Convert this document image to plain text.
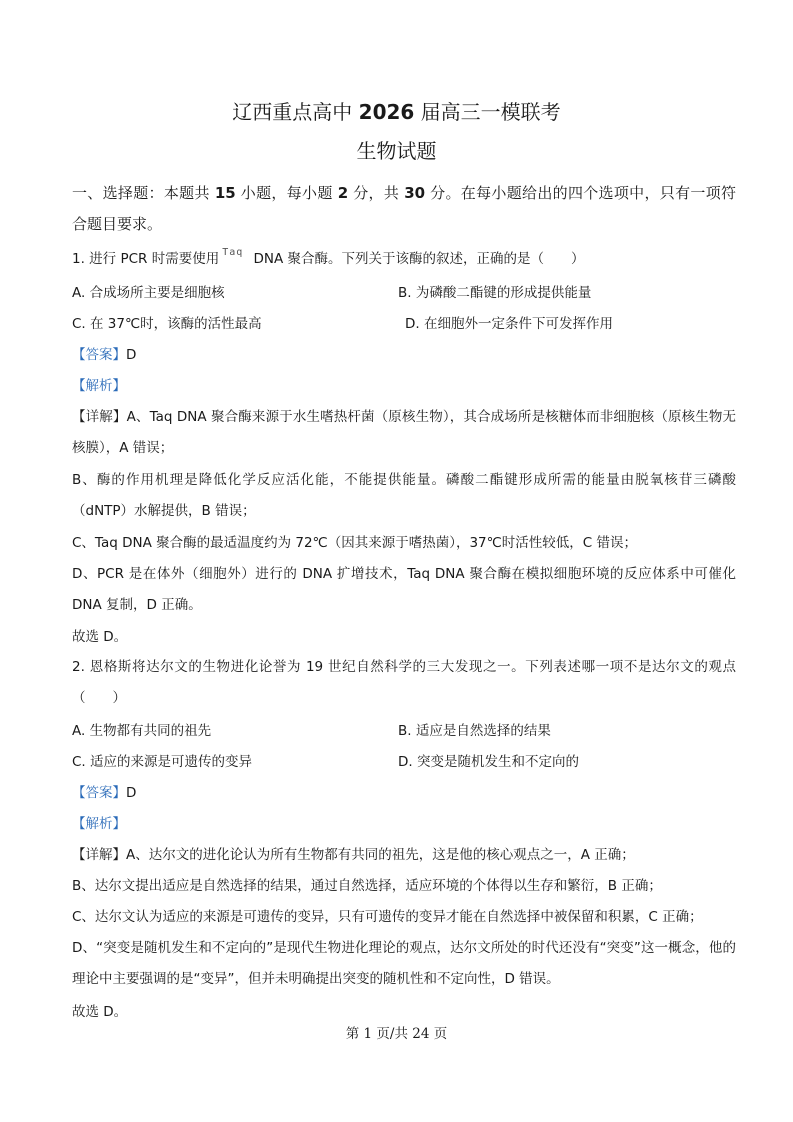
辽西重点高中 2026 届高三一模联考
生物试题
一、选择题：本题共 15 小题，每小题 2 分，共 30 分。在每小题给出的四个选项中，只有一项符合题目要求。
1. 进行 PCR 时需要使用 Taq DNA 聚合酶。下列关于该酶的叙述，正确的是（　　）
A. 合成场所主要是细胞核	B. 为磷酸二酯键的形成提供能量
C. 在 37℃时，该酶的活性最高	D. 在细胞外一定条件下可发挥作用
【答案】D
【解析】
【详解】A、Taq DNA 聚合酶来源于水生嗜热杆菌（原核生物），其合成场所是核糖体而非细胞核（原核生物无核膜），A 错误；
B、酶的作用机理是降低化学反应活化能，不能提供能量。磷酸二酯键形成所需的能量由脱氧核苷三磷酸（dNTP）水解提供，B 错误；
C、Taq DNA 聚合酶的最适温度约为 72℃（因其来源于嗜热菌），37℃时活性较低，C 错误；
D、PCR 是在体外（细胞外）进行的 DNA 扩增技术，Taq DNA 聚合酶在模拟细胞环境的反应体系中可催化 DNA 复制，D 正确。
故选 D。
2. 恩格斯将达尔文的生物进化论誉为 19 世纪自然科学的三大发现之一。下列表述哪一项不是达尔文的观点（　　）
A. 生物都有共同的祖先	B. 适应是自然选择的结果
C. 适应的来源是可遗传的变异	D. 突变是随机发生和不定向的
【答案】D
【解析】
【详解】A、达尔文的进化论认为所有生物都有共同的祖先，这是他的核心观点之一，A 正确；
B、达尔文提出适应是自然选择的结果，通过自然选择，适应环境的个体得以生存和繁衍，B 正确；
C、达尔文认为适应的来源是可遗传的变异，只有可遗传的变异才能在自然选择中被保留和积累，C 正确；
D、“突变是随机发生和不定向的”是现代生物进化理论的观点，达尔文所处的时代还没有“突变”这一概念，他的理论中主要强调的是“变异”，但并未明确提出突变的随机性和不定向性，D 错误。
故选 D。
第 1 页/共 24 页
